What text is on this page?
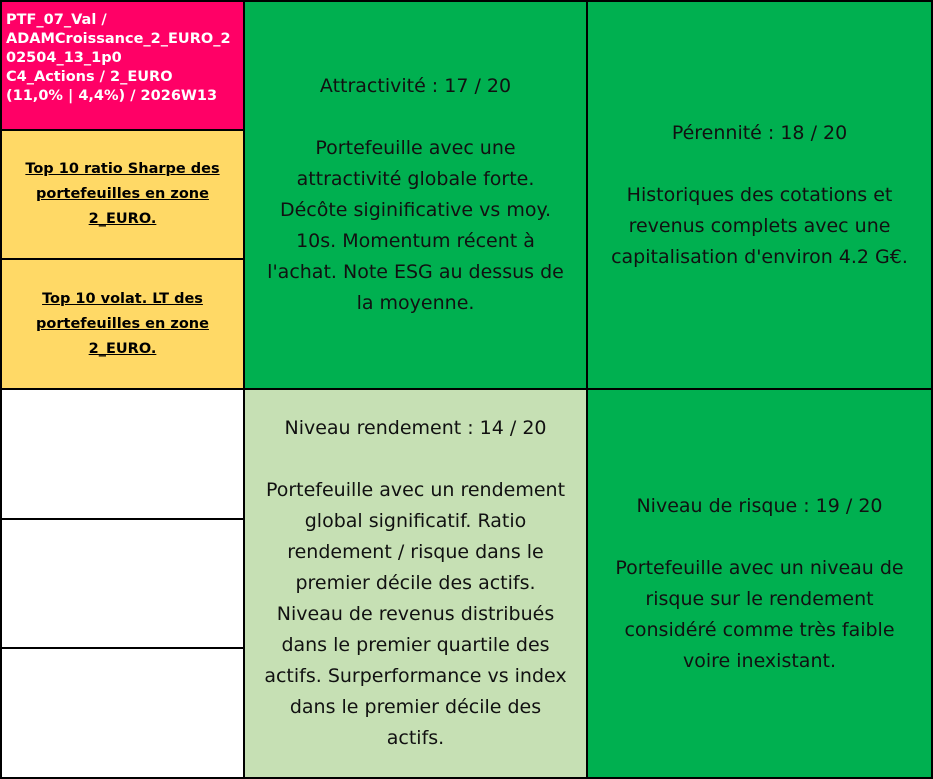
PTF_07_Val /
ADAMCroissance_2_EURO_2
02504_13_1p0
C4_Actions / 2_EURO
(11,0% | 4,4%) / 2026W13
Top 10 ratio Sharpe des
portefeuilles en zone
2_EURO.
Top 10 volat. LT des
portefeuilles en zone
2_EURO.
Attractivité : 17 / 20
Portefeuille avec une
attractivité globale forte.
Décôte siginificative vs moy.
10s. Momentum récent à
l'achat. Note ESG au dessus de
la moyenne.
Pérennité : 18 / 20
Historiques des cotations et
revenus complets avec une
capitalisation d'environ 4.2 G€.
Niveau rendement : 14 / 20
Portefeuille avec un rendement
global significatif. Ratio
rendement / risque dans le
premier décile des actifs.
Niveau de revenus distribués
dans le premier quartile des
actifs. Surperformance vs index
dans le premier décile des
actifs.
Niveau de risque : 19 / 20
Portefeuille avec un niveau de
risque sur le rendement
considéré comme très faible
voire inexistant.
